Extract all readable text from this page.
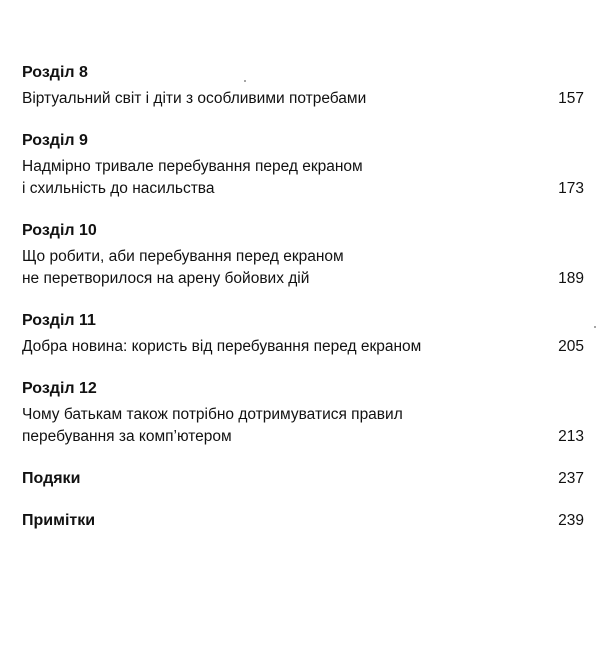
Розділ 8
Віртуальний світ і діти з особливими потребами	157
Розділ 9
Надмірно тривале перебування перед екраном
і схильність до насильства	173
Розділ 10
Що робити, аби перебування перед екраном
не перетворилося на арену бойових дій	189
Розділ 11
Добра новина: користь від перебування перед екраном	205
Розділ 12
Чому батькам також потрібно дотримуватися правил
перебування за комп’ютером	213
Подяки	237
Примітки	239
